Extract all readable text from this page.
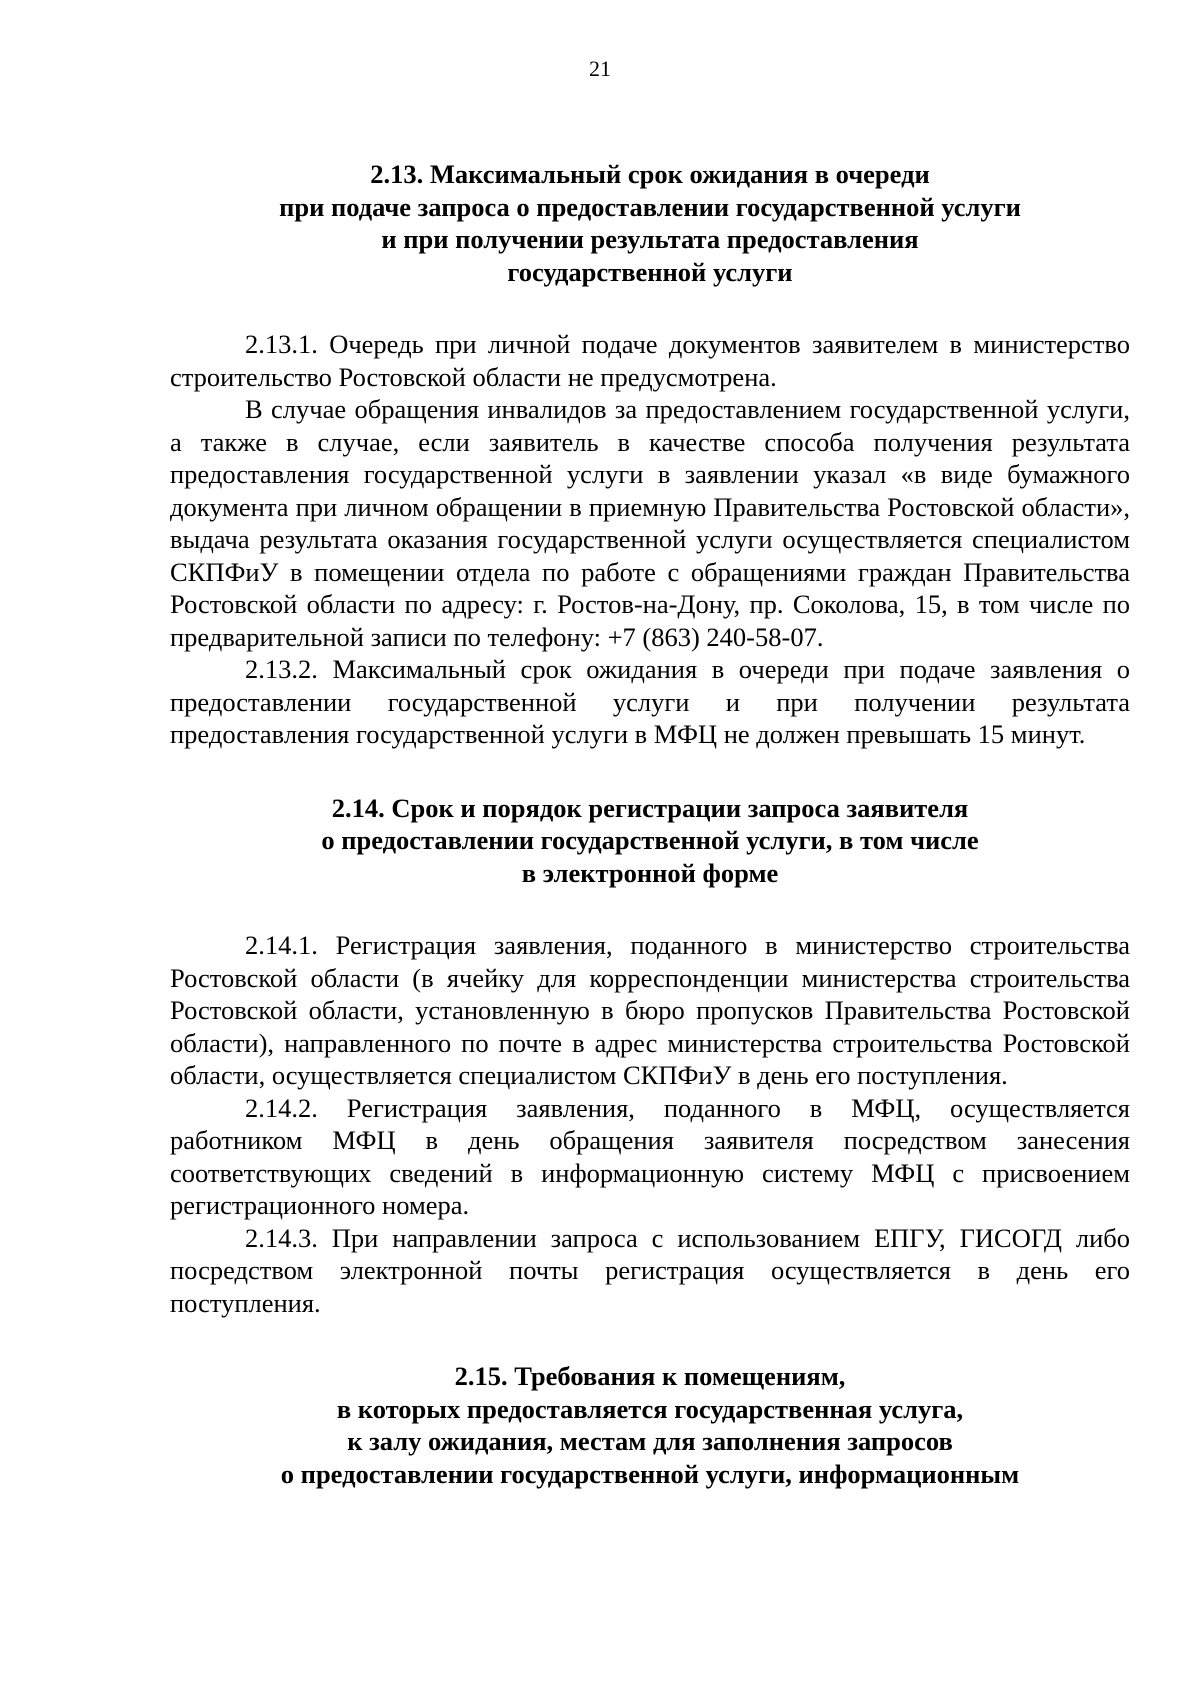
21
2.13. Максимальный срок ожидания в очереди
при подаче запроса о предоставлении государственной услуги
и при получении результата предоставления
государственной услуги

2.13.1. Очередь при личной подаче документов заявителем в министерство строительство Ростовской области не предусмотрена.

В случае обращения инвалидов за предоставлением государственной услуги, а также в случае, если заявитель в качестве способа получения результата предоставления государственной услуги в заявлении указал «в виде бумажного документа при личном обращении в приемную Правительства Ростовской области», выдача результата оказания государственной услуги осуществляется специалистом СКПФиУ в помещении отдела по работе с обращениями граждан Правительства Ростовской области по адресу: г. Ростов-на-Дону, пр. Соколова, 15, в том числе по предварительной записи по телефону: +7 (863) 240-58-07.

2.13.2. Максимальный срок ожидания в очереди при подаче заявления о предоставлении государственной услуги и при получении результата предоставления государственной услуги в МФЦ не должен превышать 15 минут.

2.14. Срок и порядок регистрации запроса заявителя
о предоставлении государственной услуги, в том числе
в электронной форме

2.14.1. Регистрация заявления, поданного в министерство строительства Ростовской области (в ячейку для корреспонденции министерства строительства Ростовской области, установленную в бюро пропусков Правительства Ростовской области), направленного по почте в адрес министерства строительства Ростовской области, осуществляется специалистом СКПФиУ в день его поступления.

2.14.2. Регистрация заявления, поданного в МФЦ, осуществляется работником МФЦ в день обращения заявителя посредством занесения соответствующих сведений в информационную систему МФЦ с присвоением регистрационного номера.

2.14.3. При направлении запроса с использованием ЕПГУ, ГИСОГД либо посредством электронной почты регистрация осуществляется в день его поступления.

2.15. Требования к помещениям,
в которых предоставляется государственная услуга,
к залу ожидания, местам для заполнения запросов
о предоставлении государственной услуги, информационным
